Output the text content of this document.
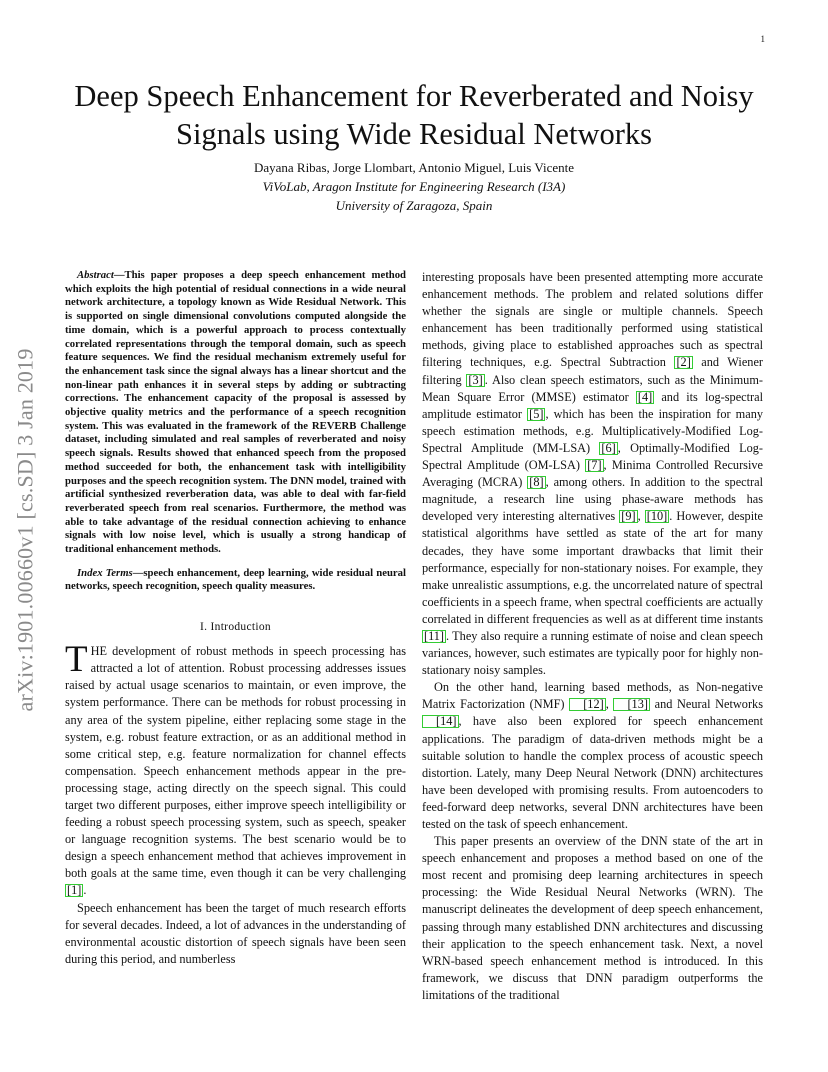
1
arXiv:1901.00660v1 [cs.SD] 3 Jan 2019
Deep Speech Enhancement for Reverberated and Noisy Signals using Wide Residual Networks
Dayana Ribas, Jorge Llombart, Antonio Miguel, Luis Vicente
ViVoLab, Aragon Institute for Engineering Research (I3A)
University of Zaragoza, Spain

Abstract—This paper proposes a deep speech enhancement method which exploits the high potential of residual connections in a wide neural network architecture, a topology known as Wide Residual Network. This is supported on single dimensional convolutions computed alongside the time domain, which is a powerful approach to process contextually correlated representations through the temporal domain, such as speech feature sequences. We find the residual mechanism extremely useful for the enhancement task since the signal always has a linear shortcut and the non-linear path enhances it in several steps by adding or subtracting corrections. The enhancement capacity of the proposal is assessed by objective quality metrics and the performance of a speech recognition system. This was evaluated in the framework of the REVERB Challenge dataset, including simulated and real samples of reverberated and noisy speech signals. Results showed that enhanced speech from the proposed method succeeded for both, the enhancement task with intelligibility purposes and the speech recognition system. The DNN model, trained with artificial synthesized reverberation data, was able to deal with far-field reverberated speech from real scenarios. Furthermore, the method was able to take advantage of the residual connection achieving to enhance signals with low noise level, which is usually a strong handicap of traditional enhancement methods.

Index Terms—speech enhancement, deep learning, wide residual neural networks, speech recognition, speech quality measures.

I. Introduction

THE development of robust methods in speech processing has attracted a lot of attention. Robust processing addresses issues raised by actual usage scenarios to maintain, or even improve, the system performance. There can be methods for robust processing in any area of the system pipeline, either replacing some stage in the system, e.g. robust feature extraction, or as an additional method in some critical step, e.g. feature normalization for channel effects compensation. Speech enhancement methods appear in the pre-processing stage, acting directly on the speech signal. This could target two different purposes, either improve speech intelligibility or feeding a robust speech processing system, such as speech, speaker or language recognition systems. The best scenario would be to design a speech enhancement method that achieves improvement in both goals at the same time, even though it can be very challenging [1] .

Speech enhancement has been the target of much research efforts for several decades. Indeed, a lot of advances in the understanding of environmental acoustic distortion of speech signals have been seen during this period, and numberless

interesting proposals have been presented attempting more accurate enhancement methods. The problem and related solutions differ whether the signals are single or multiple channels. Speech enhancement has been traditionally performed using statistical methods, giving place to established approaches such as spectral filtering techniques, e.g. Spectral Subtraction [2] and Wiener filtering [3] . Also clean speech estimators, such as the Minimum-Mean Square Error (MMSE) estimator [4] and its log-spectral amplitude estimator [5] , which has been the inspiration for many speech estimation methods, e.g. Multiplicatively-Modified Log-Spectral Amplitude (MM-LSA) [6] , Optimally-Modified Log-Spectral Amplitude (OM-LSA) [7] , Minima Controlled Recursive Averaging (MCRA) [8] , among others. In addition to the spectral magnitude, a research line using phase-aware methods has developed very interesting alternatives [9] , [10] . However, despite statistical algorithms have settled as state of the art for many decades, they have some important drawbacks that limit their performance, especially for non-stationary noises. For example, they make unrealistic assumptions, e.g. the uncorrelated nature of spectral coefficients in a speech frame, when spectral coefficients are actually correlated in different frequencies as well as at different time instants [11] . They also require a running estimate of noise and clean speech variances, however, such estimates are typically poor for highly non-stationary noisy samples.

On the other hand, learning based methods, as Non-negative Matrix Factorization (NMF) [12] , [13] and Neural Networks [14] , have also been explored for speech enhancement applications. The paradigm of data-driven methods might be a suitable solution to handle the complex process of acoustic speech distortion. Lately, many Deep Neural Network (DNN) architectures have been developed with promising results. From autoencoders to feed-forward deep networks, several DNN architectures have been tested on the task of speech enhancement.

This paper presents an overview of the DNN state of the art in speech enhancement and proposes a method based on one of the most recent and promising deep learning architectures in speech processing: the Wide Residual Neural Networks (WRN). The manuscript delineates the development of deep speech enhancement, passing through many established DNN architectures and discussing their application to the speech enhancement task. Next, a novel WRN-based speech enhancement method is introduced. In this framework, we discuss that DNN paradigm outperforms the limitations of the traditional
